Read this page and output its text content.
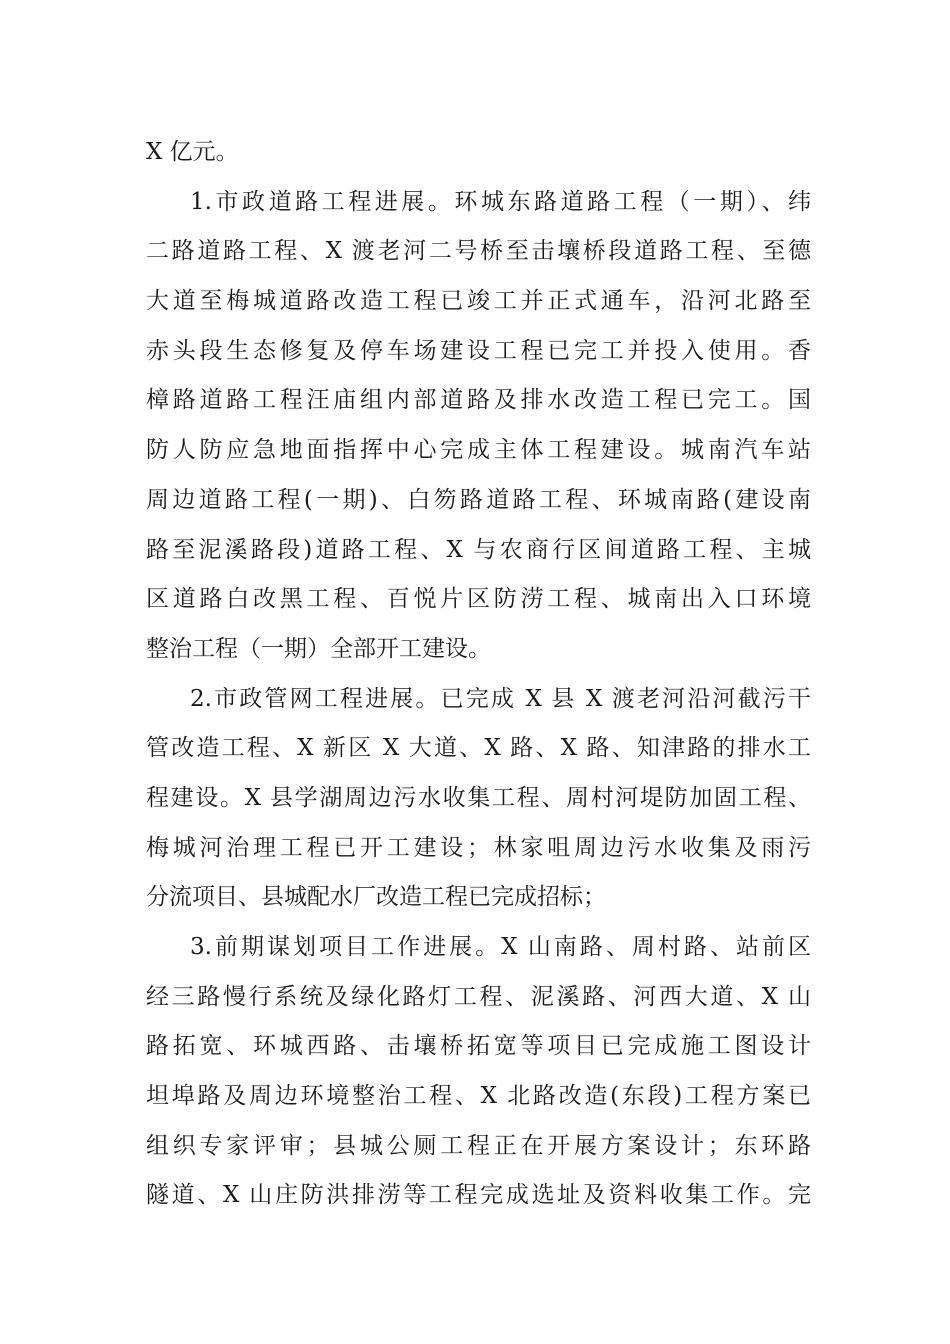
X 亿元。
1.市政道路工程进展。环城东路道路工程（一期）、纬
二路道路工程、X 渡老河二号桥至击壤桥段道路工程、至德
大道至梅城道路改造工程已竣工并正式通车，沿河北路至
赤头段生态修复及停车场建设工程已完工并投入使用。香
樟路道路工程汪庙组内部道路及排水改造工程已完工。国
防人防应急地面指挥中心完成主体工程建设。城南汽车站
周边道路工程(一期)、白笏路道路工程、环城南路(建设南
路至泥溪路段)道路工程、X 与农商行区间道路工程、主城
区道路白改黑工程、百悦片区防涝工程、城南出入口环境
整治工程（一期）全部开工建设。
2.市政管网工程进展。已完成 X 县 X 渡老河沿河截污干
管改造工程、X 新区 X 大道、X 路、X 路、知津路的排水工
程建设。X 县学湖周边污水收集工程、周村河堤防加固工程、
梅城河治理工程已开工建设；林家咀周边污水收集及雨污
分流项目、县城配水厂改造工程已完成招标；
3.前期谋划项目工作进展。X 山南路、周村路、站前区
经三路慢行系统及绿化路灯工程、泥溪路、河西大道、X 山
路拓宽、环城西路、击壤桥拓宽等项目已完成施工图设计
坦埠路及周边环境整治工程、X 北路改造(东段)工程方案已
组织专家评审；县城公厕工程正在开展方案设计；东环路
隧道、X 山庄防洪排涝等工程完成选址及资料收集工作。完
